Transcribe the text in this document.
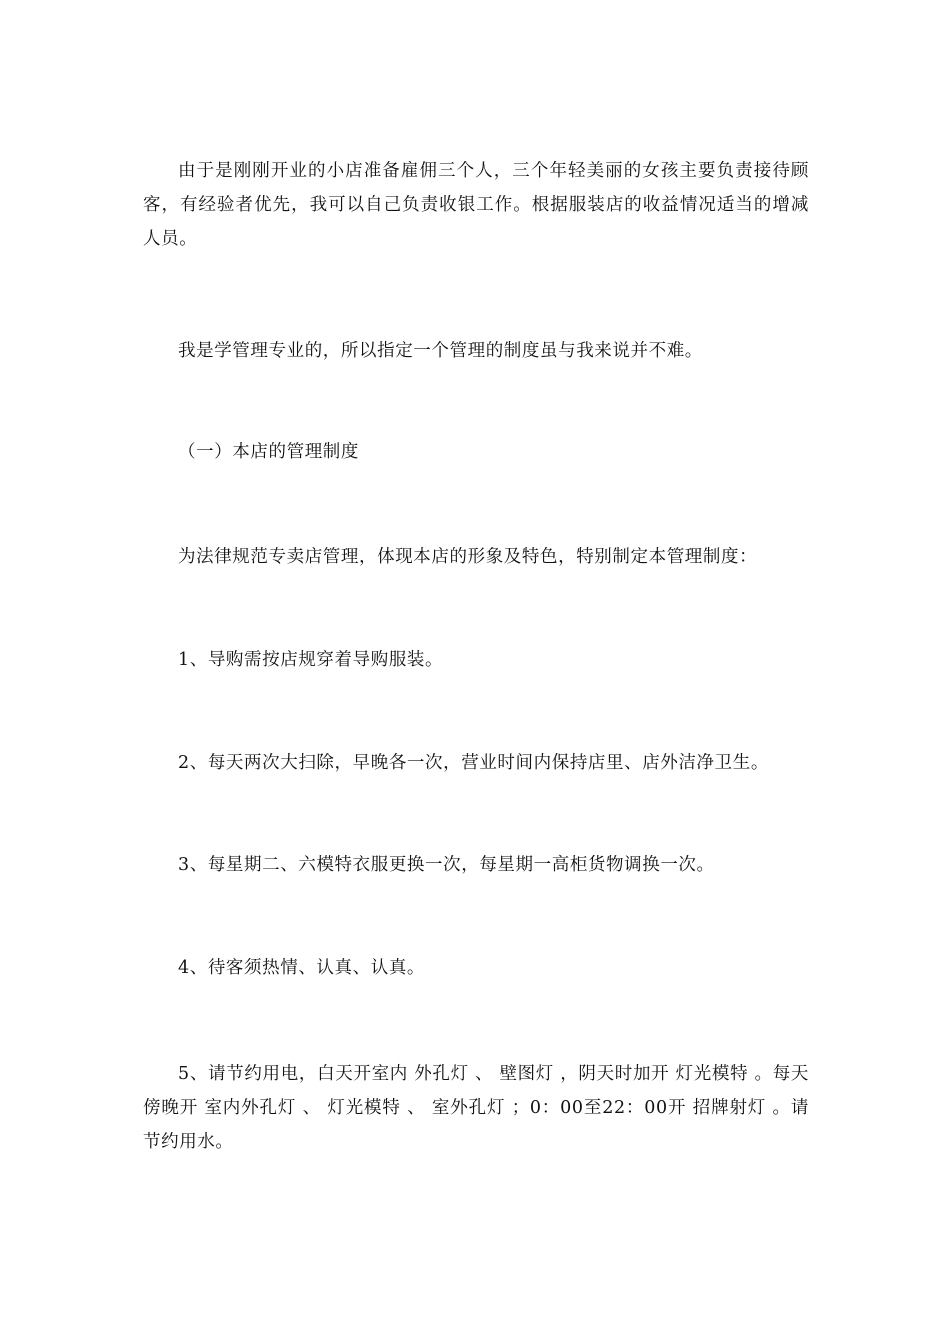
由于是刚刚开业的小店准备雇佣三个人，三个年轻美丽的女孩主要负责接待顾客，有经验者优先，我可以自己负责收银工作。根据服装店的收益情况适当的增减人员。

我是学管理专业的，所以指定一个管理的制度虽与我来说并不难。

（一）本店的管理制度

为法律规范专卖店管理，体现本店的形象及特色，特别制定本管理制度：

1、导购需按店规穿着导购服装。

2、每天两次大扫除，早晚各一次，营业时间内保持店里、店外洁净卫生。

3、每星期二、六模特衣服更换一次，每星期一高柜货物调换一次。

4、待客须热情、认真、认真。

5、请节约用电，白天开室内 外孔灯 、 壁图灯 ，阴天时加开 灯光模特 。每天傍晚开 室内外孔灯 、 灯光模特 、 室外孔灯 ；0：00至22：00开 招牌射灯 。请节约用水。
